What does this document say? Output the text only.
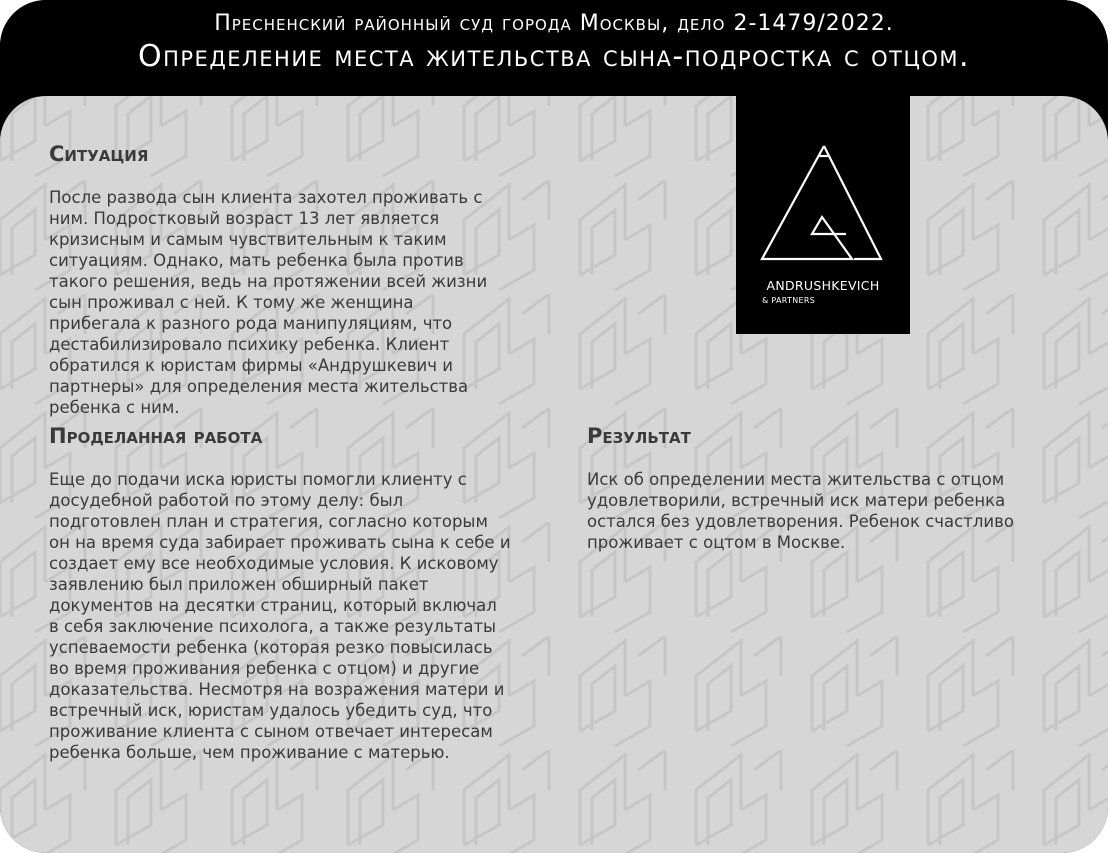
Пресненский районный суд города Москвы, дело 2-1479/2022.
Определение места жительства сына-подростка с отцом.
Ситуация

После развода сын клиента захотел проживать с ним. Подростковый возраст 13 лет является кризисным и самым чувствительным к таким ситуациям. Однако, мать ребенка была против такого решения, ведь на протяжении всей жизни сын проживал с ней. К тому же женщина прибегала к разного рода манипуляциям, что дестабилизировало психику ребенка. Клиент обратился к юристам фирмы «Андрушкевич и партнеры» для определения места жительства ребенка с ним.

Проделанная работа

Еще до подачи иска юристы помогли клиенту с досудебной работой по этому делу: был подготовлен план и стратегия, согласно которым он на время суда забирает проживать сына к себе и создает ему все необходимые условия. К исковому заявлению был приложен обширный пакет документов на десятки страниц, который включал в себя заключение психолога, а также результаты успеваемости ребенка (которая резко повысилась во время проживания ребенка с отцом) и другие доказательства. Несмотря на возражения матери и встречный иск, юристам удалось убедить суд, что проживание клиента с сыном отвечает интересам ребенка больше, чем проживание с матерью.

Результат

Иск об определении места жительства с отцом удовлетворили, встречный иск матери ребенка остался без удовлетворения. Ребенок счастливо проживает с оцтом в Москве.

ANDRUSHKEVICH
& PARTNERS
